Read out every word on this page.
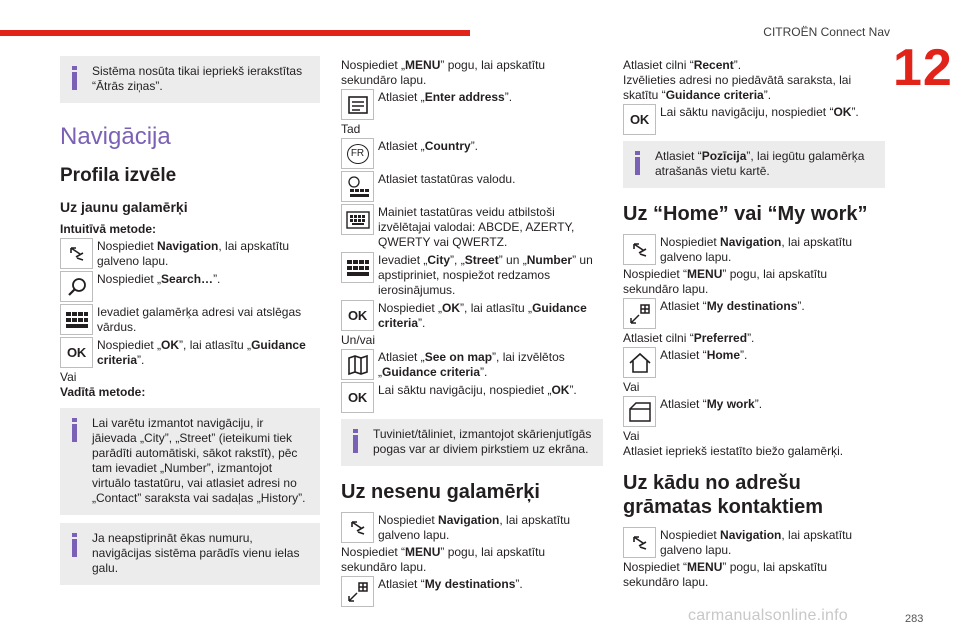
CITROËN Connect Nav
12
Sistēma nosūta tikai iepriekš ierakstītas “Ātrās ziņas”.
Navigācija
Profila izvēle
Uz jaunu galamērķi
Intuitīvā metode:
Nospiediet Navigation, lai apskatītu galveno lapu.
Nospiediet „Search…”.
Ievadiet galamērķa adresi vai atslēgas vārdus.
OK Nospiediet „OK”, lai atlasītu „Guidance criteria”.
Vai
Vadītā metode:
Lai varētu izmantot navigāciju, ir jāievada „City”, „Street” (ieteikumi tiek parādīti automātiski, sākot rakstīt), pēc tam ievadiet „Number”, izmantojot virtuālo tastatūru, vai atlasiet adresi no „Contact” saraksta vai sadaļas „History”.
Ja neapstiprināt ēkas numuru, navigācijas sistēma parādīs vienu ielas galu.
Nospiediet „MENU” pogu, lai apskatītu sekundāro lapu.
Atlasiet „Enter address”.
Tad
FR	Atlasiet „Country”.
Atlasiet tastatūras valodu.
Mainiet tastatūras veidu atbilstoši izvēlētajai valodai: ABCDE, AZERTY, QWERTY vai QWERTZ.
Ievadiet „City”, „Street” un „Number” un apstipriniet, nospiežot redzamos ierosinājumus.
OK Nospiediet „OK”, lai atlasītu „Guidance criteria”.
Un/vai
Atlasiet „See on map”, lai izvēlētos „Guidance criteria”.
OK Lai sāktu navigāciju, nospiediet „OK”.
Tuviniet/tāliniet, izmantojot skārienjutīgās pogas var ar diviem pirkstiem uz ekrāna.
Uz nesenu galamērķi
Nospiediet Navigation, lai apskatītu galveno lapu.
Nospiediet “MENU” pogu, lai apskatītu sekundāro lapu.
Atlasiet “My destinations”.
Atlasiet cilni “Recent”.
Izvēlieties adresi no piedāvātā saraksta, lai skatītu “Guidance criteria”.
OK Lai sāktu navigāciju, nospiediet “OK”.
Atlasiet “Pozīcija”, lai iegūtu galamērķa atrašanās vietu kartē.
Uz “Home” vai “My work”
Nospiediet Navigation, lai apskatītu galveno lapu.
Nospiediet “MENU” pogu, lai apskatītu sekundāro lapu.
Atlasiet “My destinations”.
Atlasiet cilni “Preferred”.
Atlasiet “Home”.
Vai
Atlasiet “My work”.
Vai
Atlasiet iepriekš iestatīto biežo galamērķi.
Uz kādu no adrešu grāmatas kontaktiem
Nospiediet Navigation, lai apskatītu galveno lapu.
Nospiediet “MENU” pogu, lai apskatītu sekundāro lapu.
carmanualsonline.info	283
